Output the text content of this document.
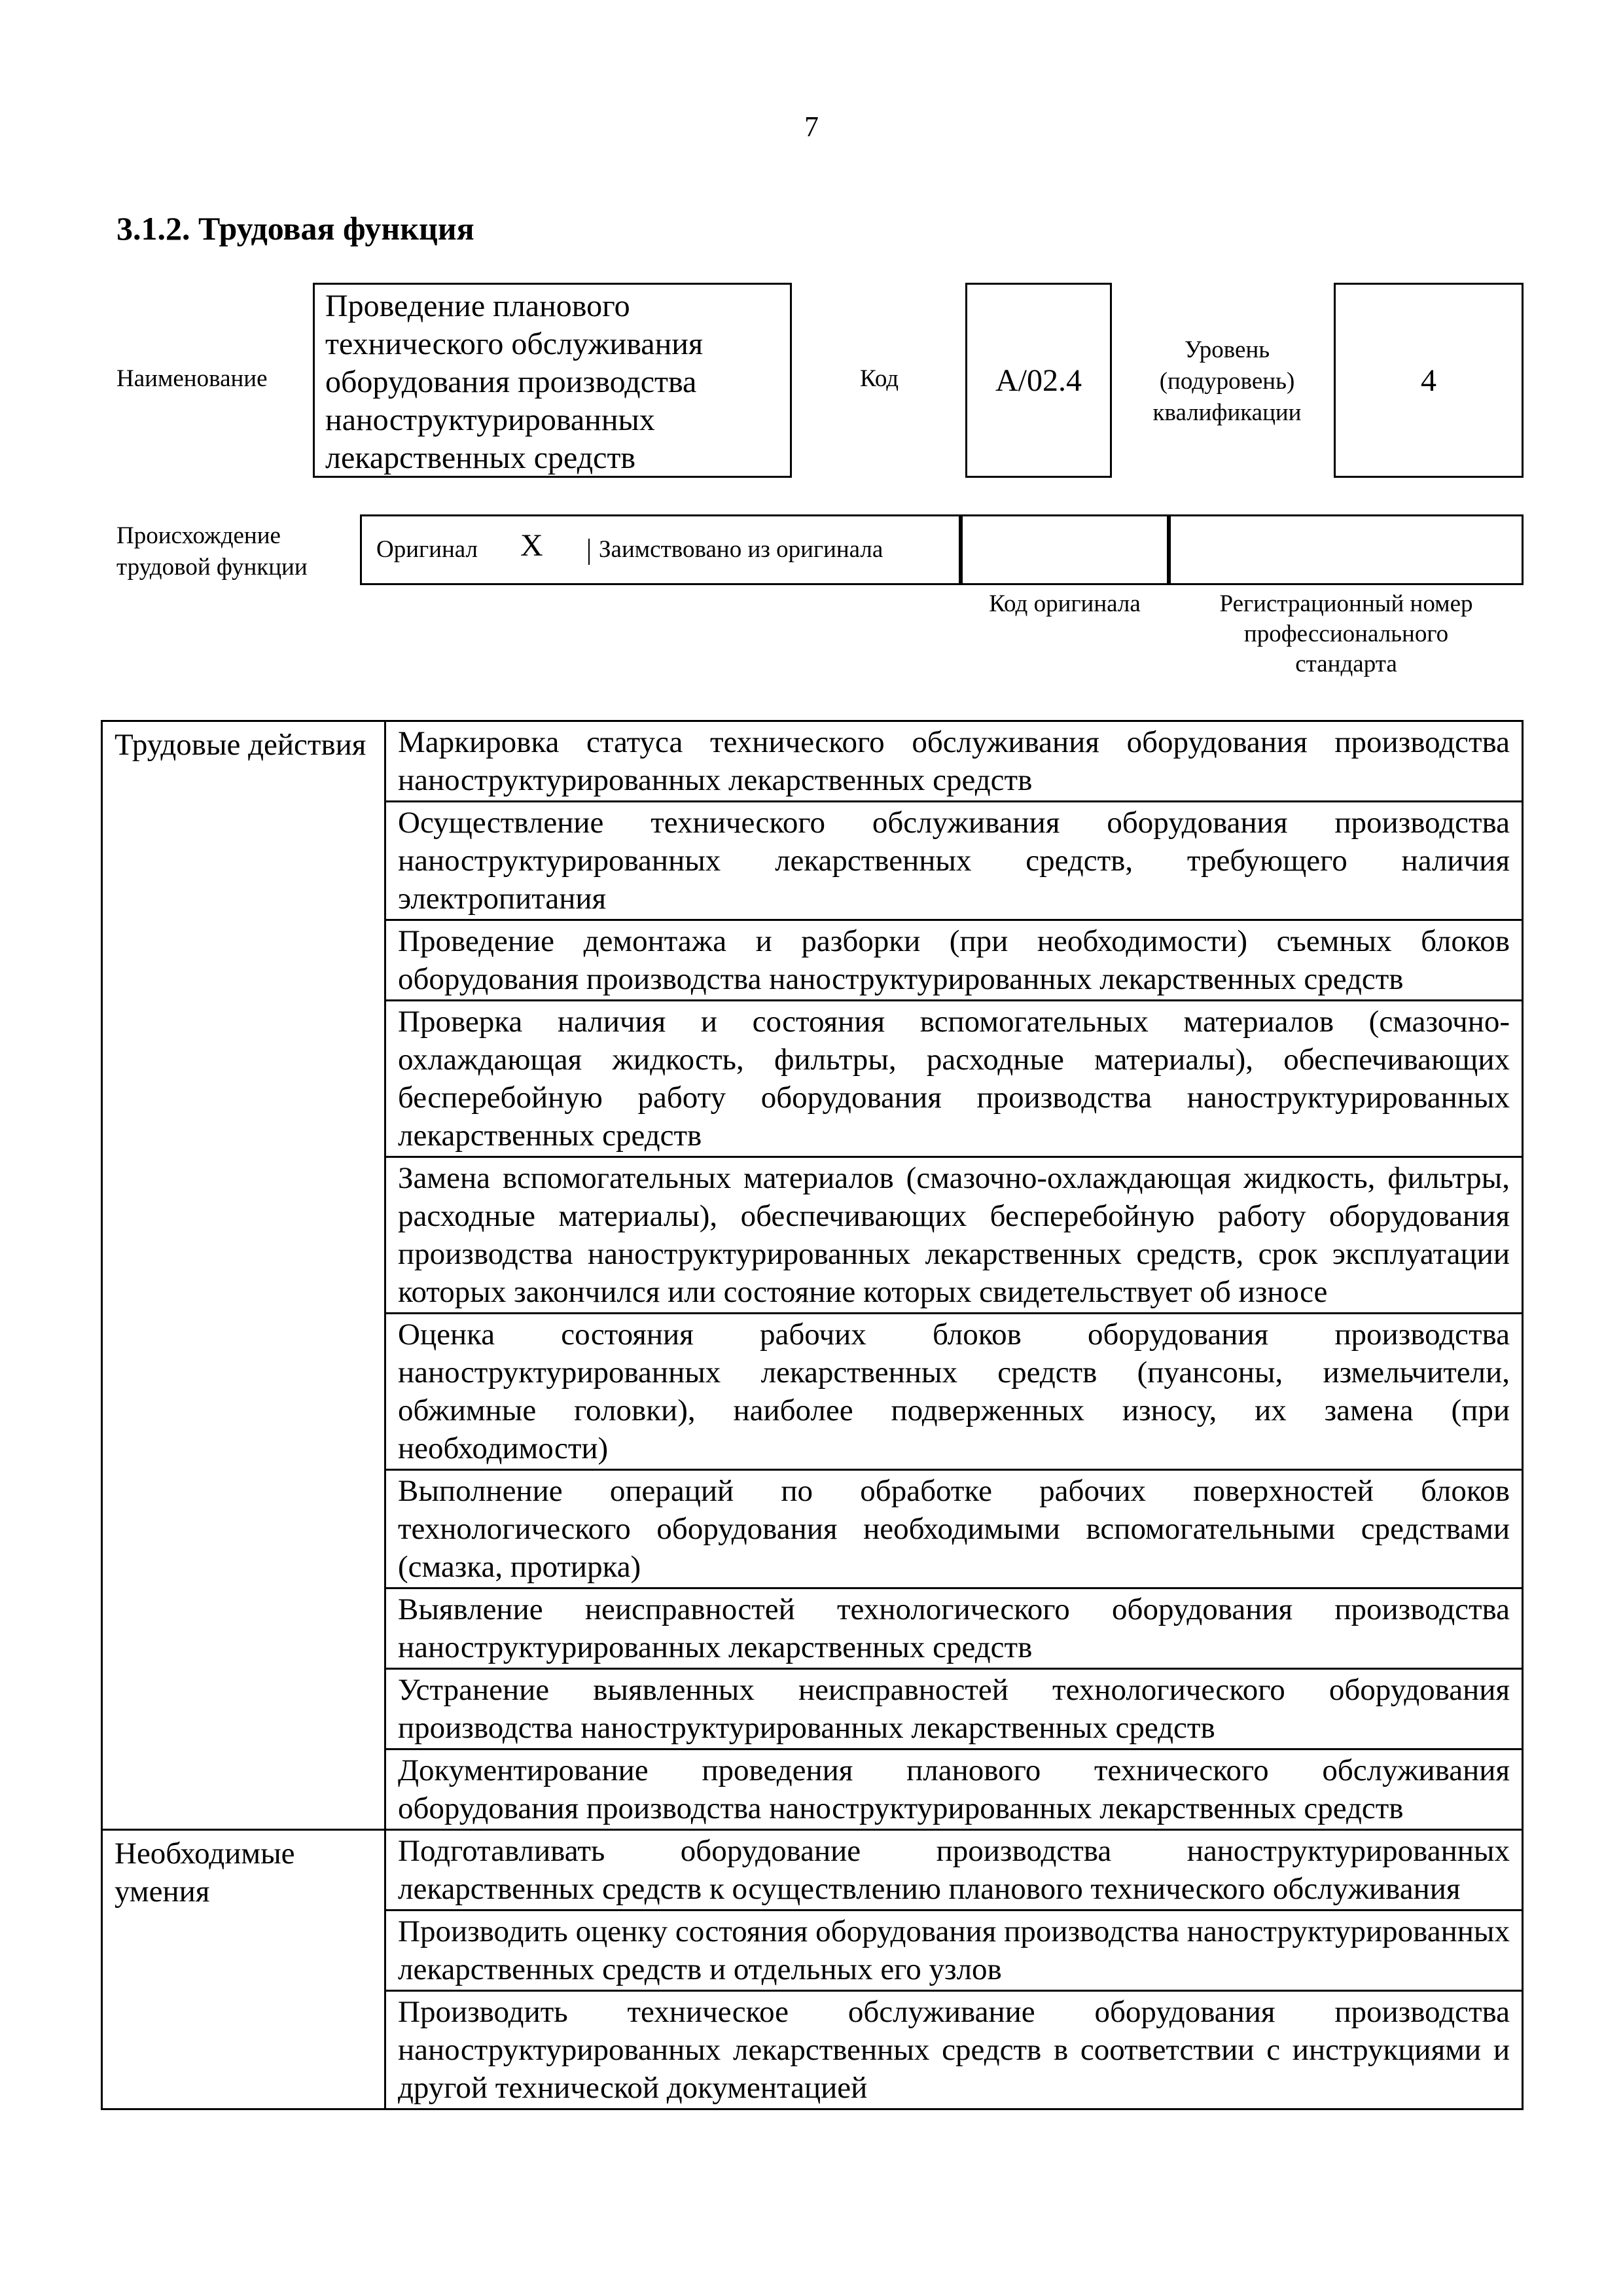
7
3.1.2. Трудовая функция
Наименование
Проведение планового технического обслуживания оборудования производства наноструктурированных лекарственных средств
Код	A/02.4
Уровень
(подуровень)
квалификации
4
Происхождение
трудовой функции
Оригинал X Заимствовано из оригинала
Код оригинала	Регистрационный номер
профессионального
стандарта
Трудовые действия	Маркировка статуса технического обслуживания оборудования производства наноструктурированных лекарственных средств
	Осуществление технического обслуживания оборудования производства наноструктурированных лекарственных средств, требующего наличия электропитания
	Проведение демонтажа и разборки (при необходимости) съемных блоков оборудования производства наноструктурированных лекарственных средств
	Проверка наличия и состояния вспомогательных материалов (смазочно-охлаждающая жидкость, фильтры, расходные материалы), обеспечивающих бесперебойную работу оборудования производства наноструктурированных лекарственных средств
	Замена вспомогательных материалов (смазочно-охлаждающая жидкость, фильтры, расходные материалы), обеспечивающих бесперебойную работу оборудования производства наноструктурированных лекарственных средств, срок эксплуатации которых закончился или состояние которых свидетельствует об износе
	Оценка состояния рабочих блоков оборудования производства наноструктурированных лекарственных средств (пуансоны, измельчители, обжимные головки), наиболее подверженных износу, их замена (при необходимости)
	Выполнение операций по обработке рабочих поверхностей блоков технологического оборудования необходимыми вспомогательными средствами (смазка, протирка)
	Выявление неисправностей технологического оборудования производства наноструктурированных лекарственных средств
	Устранение выявленных неисправностей технологического оборудования производства наноструктурированных лекарственных средств
	Документирование проведения планового технического обслуживания оборудования производства наноструктурированных лекарственных средств
Необходимые умения	Подготавливать оборудование производства наноструктурированных лекарственных средств к осуществлению планового технического обслуживания
	Производить оценку состояния оборудования производства наноструктурированных лекарственных средств и отдельных его узлов
	Производить техническое обслуживание оборудования производства наноструктурированных лекарственных средств в соответствии с инструкциями и другой технической документацией
